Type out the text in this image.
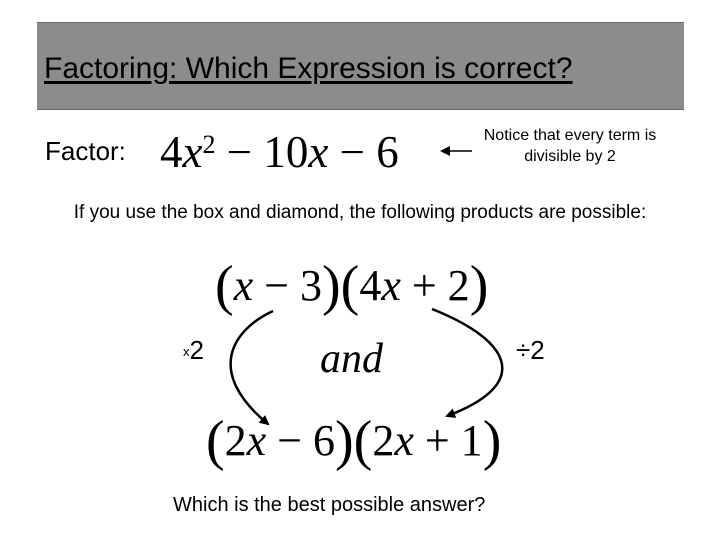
Factoring: Which Expression is correct?
Factor: $4x^2 - 10x - 6$	Notice that every term is divisible by 2
If you use the box and diamond, the following products are possible:
(x − 3)(4x + 2)
x2	and	÷2
(2x − 6)(2x + 1)
Which is the best possible answer?
